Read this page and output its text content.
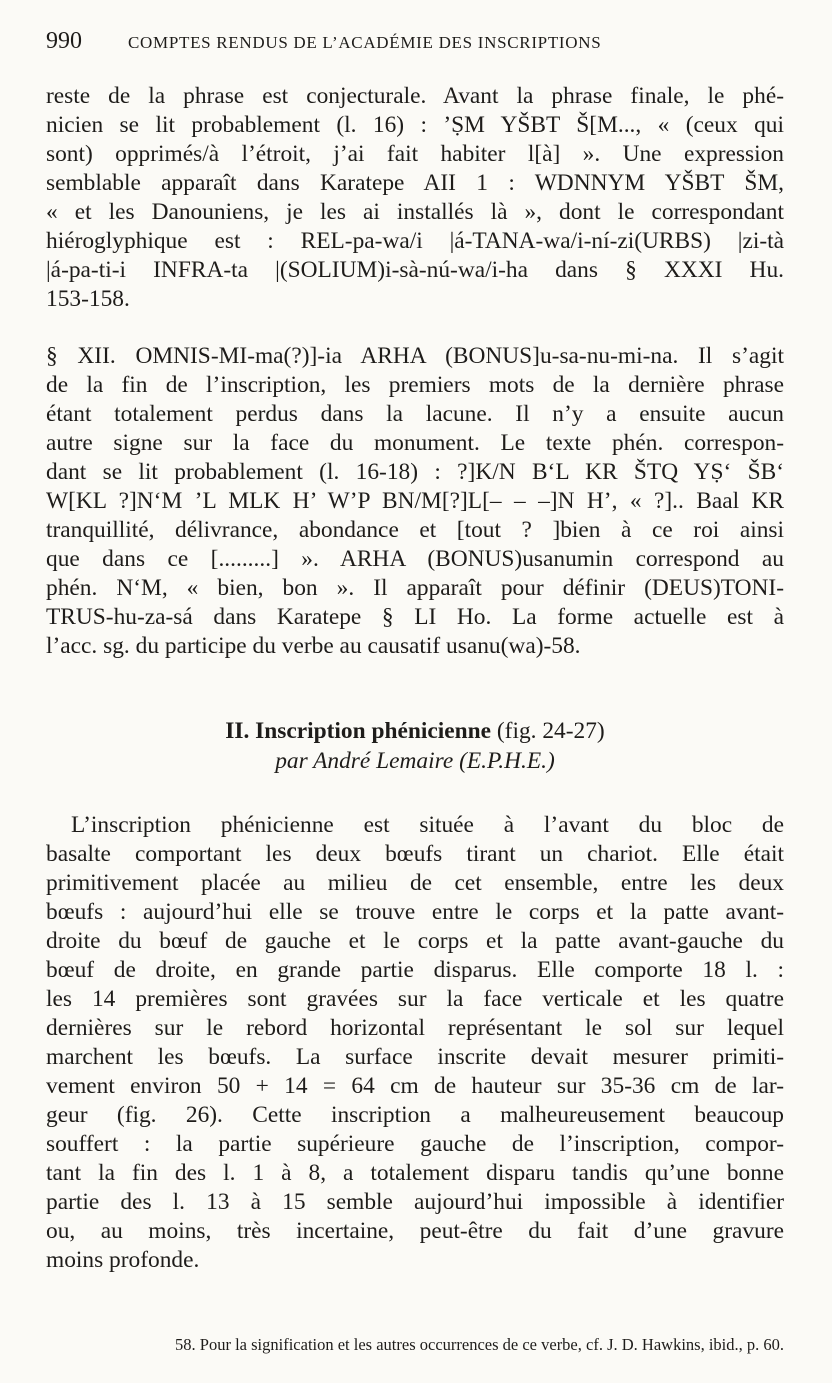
990	COMPTES RENDUS DE L’ACADÉMIE DES INSCRIPTIONS
reste de la phrase est conjecturale. Avant la phrase finale, le phé-
nicien se lit probablement (l. 16) : ’ṢM YŠBT Š[M..., « (ceux qui
sont) opprimés/à l’étroit, j’ai fait habiter l[à] ». Une expression
semblable apparaît dans Karatepe AII 1 : WDNNYM YŠBT ŠM,
« et les Danouniens, je les ai installés là », dont le correspondant
hiéroglyphique est : REL-pa-wa/i |á-TANA-wa/i-ní-zi(URBS) |zi-tà
|á-pa-ti-i INFRA-ta |(SOLIUM)i-sà-nú-wa/i-ha dans § XXXI Hu.
153-158.
§ XII. OMNIS-MI-ma(?)]-ia ARHA (BONUS]u-sa-nu-mi-na. Il s’agit
de la fin de l’inscription, les premiers mots de la dernière phrase
étant totalement perdus dans la lacune. Il n’y a ensuite aucun
autre signe sur la face du monument. Le texte phén. correspon-
dant se lit probablement (l. 16-18) : ?]K/N B‘L KR ŠTQ YṢ‘ ŠB‘
W[KL ?]N‘M ’L MLK H’ W’P BN/M[?]L[– – –]N H’, « ?].. Baal KR
tranquillité, délivrance, abondance et [tout ? ]bien à ce roi ainsi
que dans ce [.........] ». ARHA (BONUS)usanumin correspond au
phén. N‘M, « bien, bon ». Il apparaît pour définir (DEUS)TONI-
TRUS-hu-za-sá dans Karatepe § LI Ho. La forme actuelle est à
l’acc. sg. du participe du verbe au causatif usanu(wa)-58.
II. Inscription phénicienne (fig. 24-27)
par André Lemaire (E.P.H.E.)
L’inscription phénicienne est située à l’avant du bloc de
basalte comportant les deux bœufs tirant un chariot. Elle était
primitivement placée au milieu de cet ensemble, entre les deux
bœufs : aujourd’hui elle se trouve entre le corps et la patte avant-
droite du bœuf de gauche et le corps et la patte avant-gauche du
bœuf de droite, en grande partie disparus. Elle comporte 18 l. :
les 14 premières sont gravées sur la face verticale et les quatre
dernières sur le rebord horizontal représentant le sol sur lequel
marchent les bœufs. La surface inscrite devait mesurer primiti-
vement environ 50 + 14 = 64 cm de hauteur sur 35-36 cm de lar-
geur (fig. 26). Cette inscription a malheureusement beaucoup
souffert : la partie supérieure gauche de l’inscription, compor-
tant la fin des l. 1 à 8, a totalement disparu tandis qu’une bonne
partie des l. 13 à 15 semble aujourd’hui impossible à identifier
ou, au moins, très incertaine, peut-être du fait d’une gravure
moins profonde.
58. Pour la signification et les autres occurrences de ce verbe, cf. J. D. Hawkins, ibid., p. 60.
